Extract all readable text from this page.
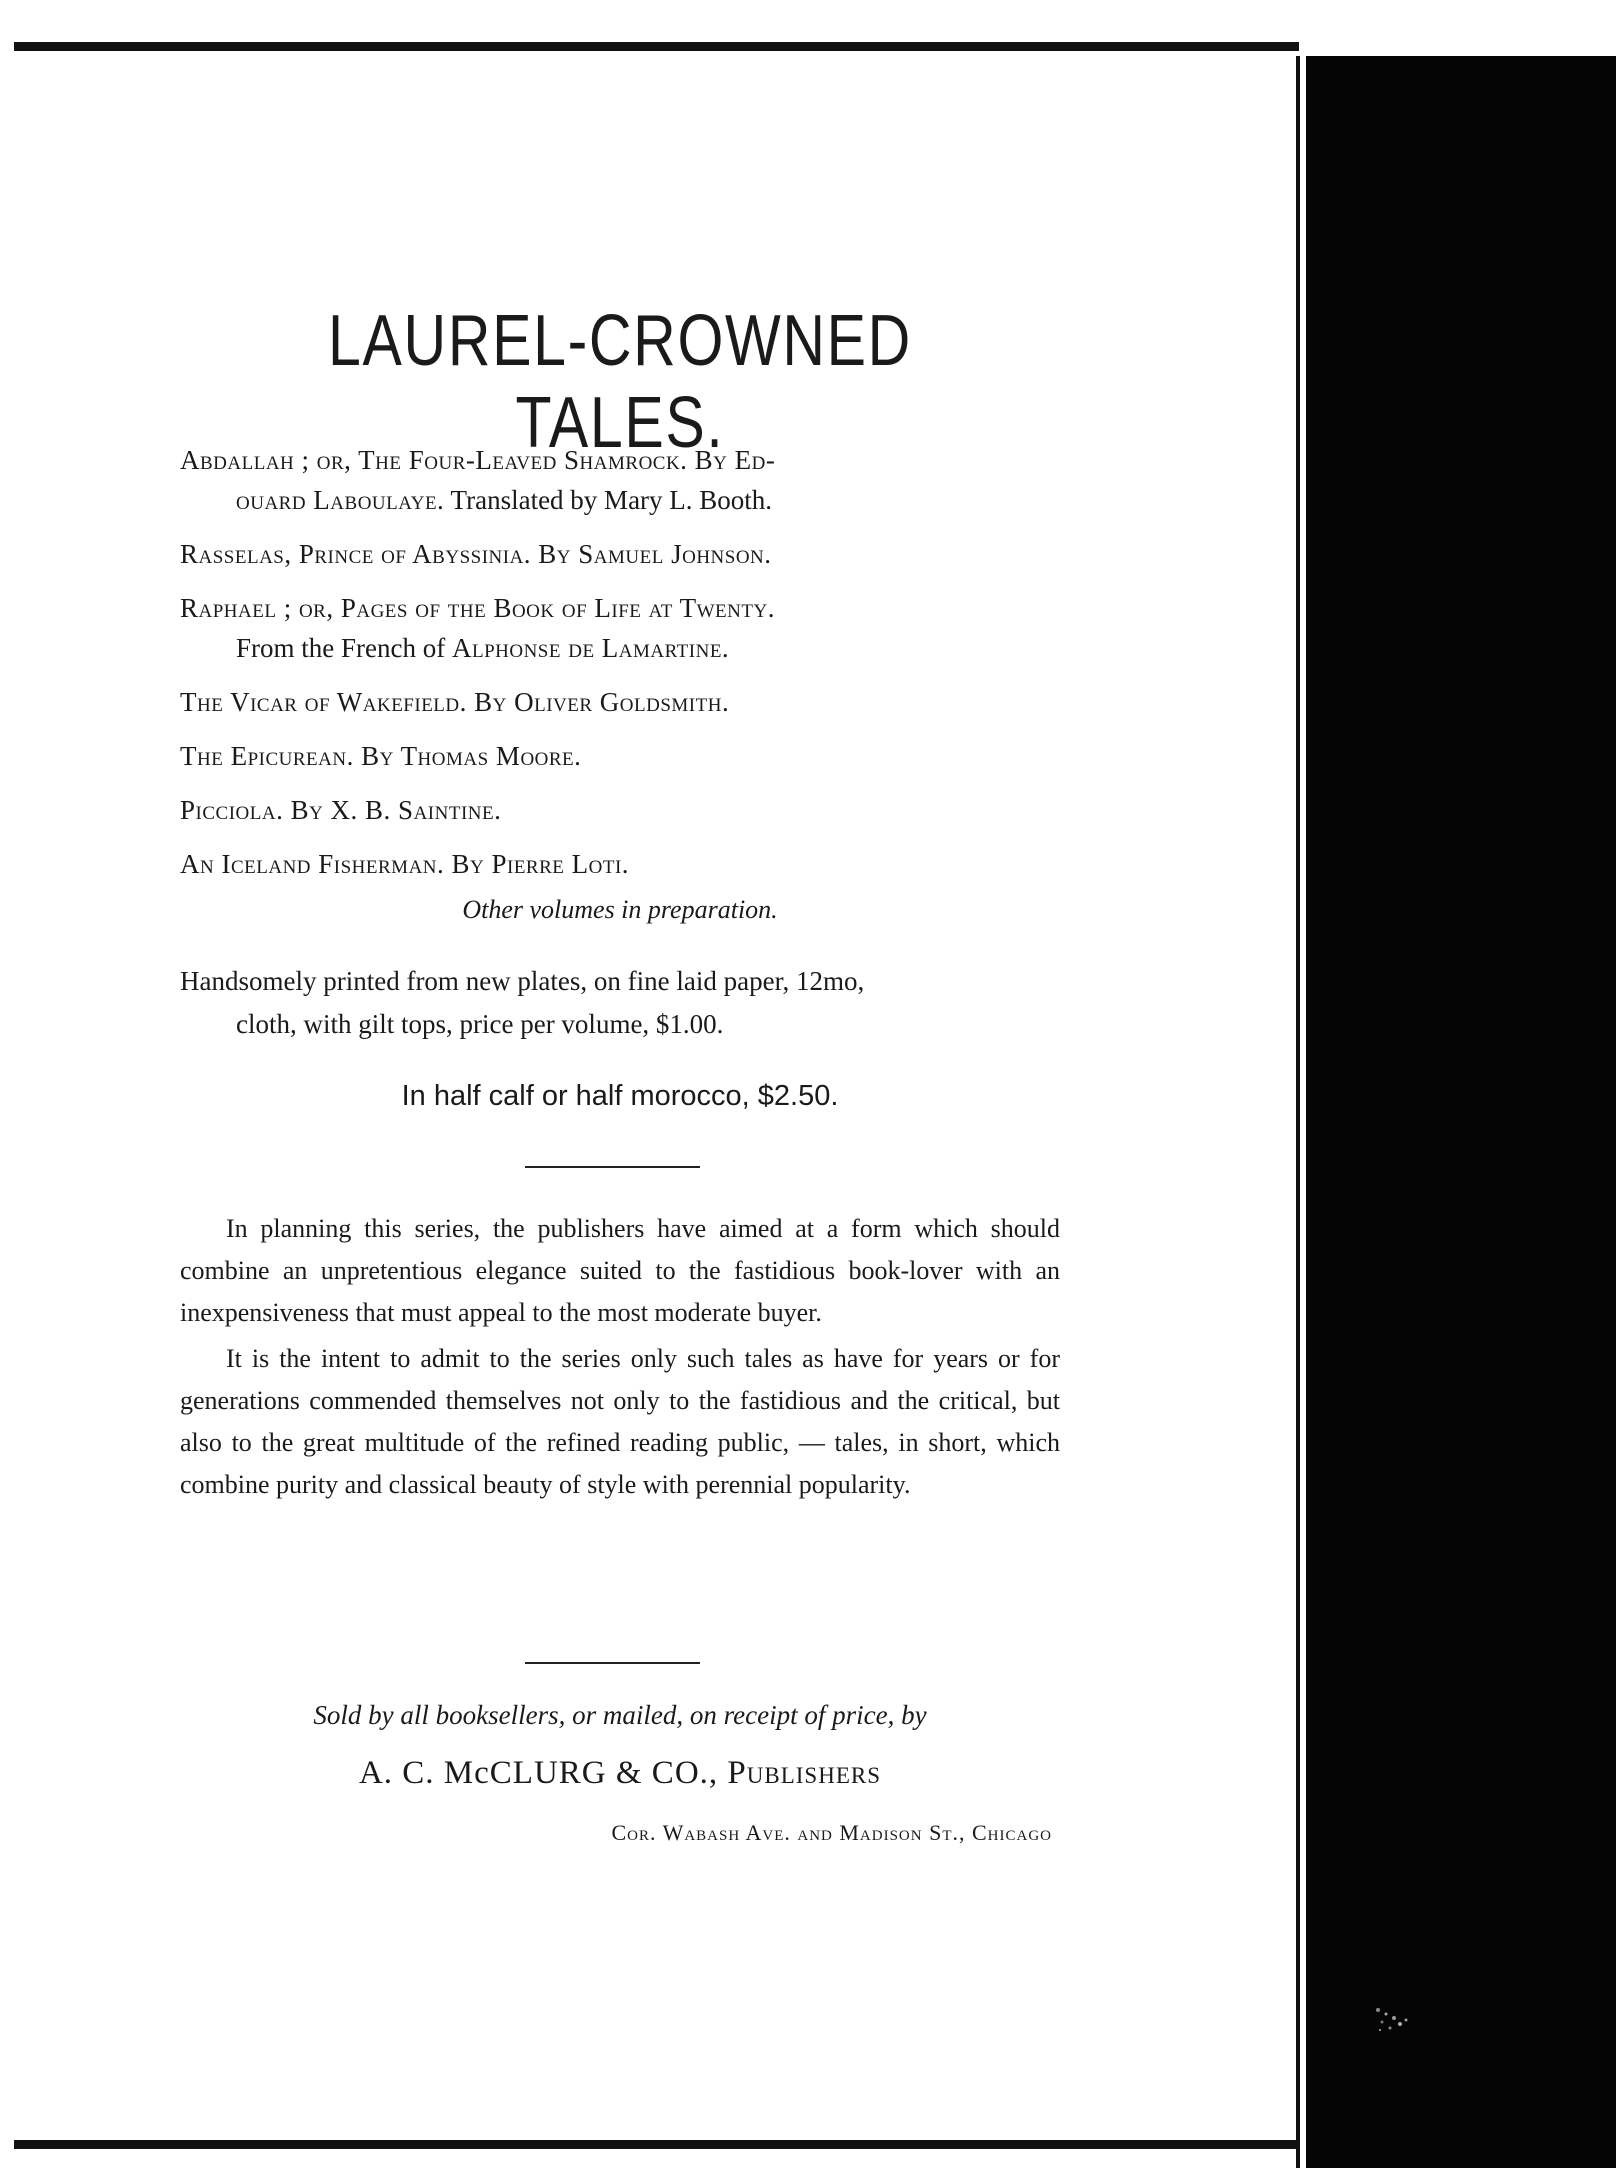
LAUREL-CROWNED TALES.
Abdallah ; or, The Four-Leaved Shamrock. By Ed-
ouard Laboulaye. Translated by Mary L. Booth.
Rasselas, Prince of Abyssinia. By Samuel Johnson.
Raphael ; or, Pages of the Book of Life at Twenty.
From the French of Alphonse de Lamartine.
The Vicar of Wakefield. By Oliver Goldsmith.
The Epicurean. By Thomas Moore.
Picciola. By X. B. Saintine.
An Iceland Fisherman. By Pierre Loti.
Other volumes in preparation.
Handsomely printed from new plates, on fine laid paper, 12mo,
cloth, with gilt tops, price per volume, $1.00.
In half calf or half morocco, $2.50.

In planning this series, the publishers have aimed at a form which should combine an unpretentious elegance suited to the fastidious book-lover with an inexpensiveness that must appeal to the most moderate buyer.

It is the intent to admit to the series only such tales as have for years or for generations commended themselves not only to the fastidious and the critical, but also to the great multitude of the refined reading public, — tales, in short, which combine purity and classical beauty of style with perennial popularity.

Sold by all booksellers, or mailed, on receipt of price, by
A. C. McCLURG & CO., Publishers
Cor. Wabash Ave. and Madison St., Chicago
